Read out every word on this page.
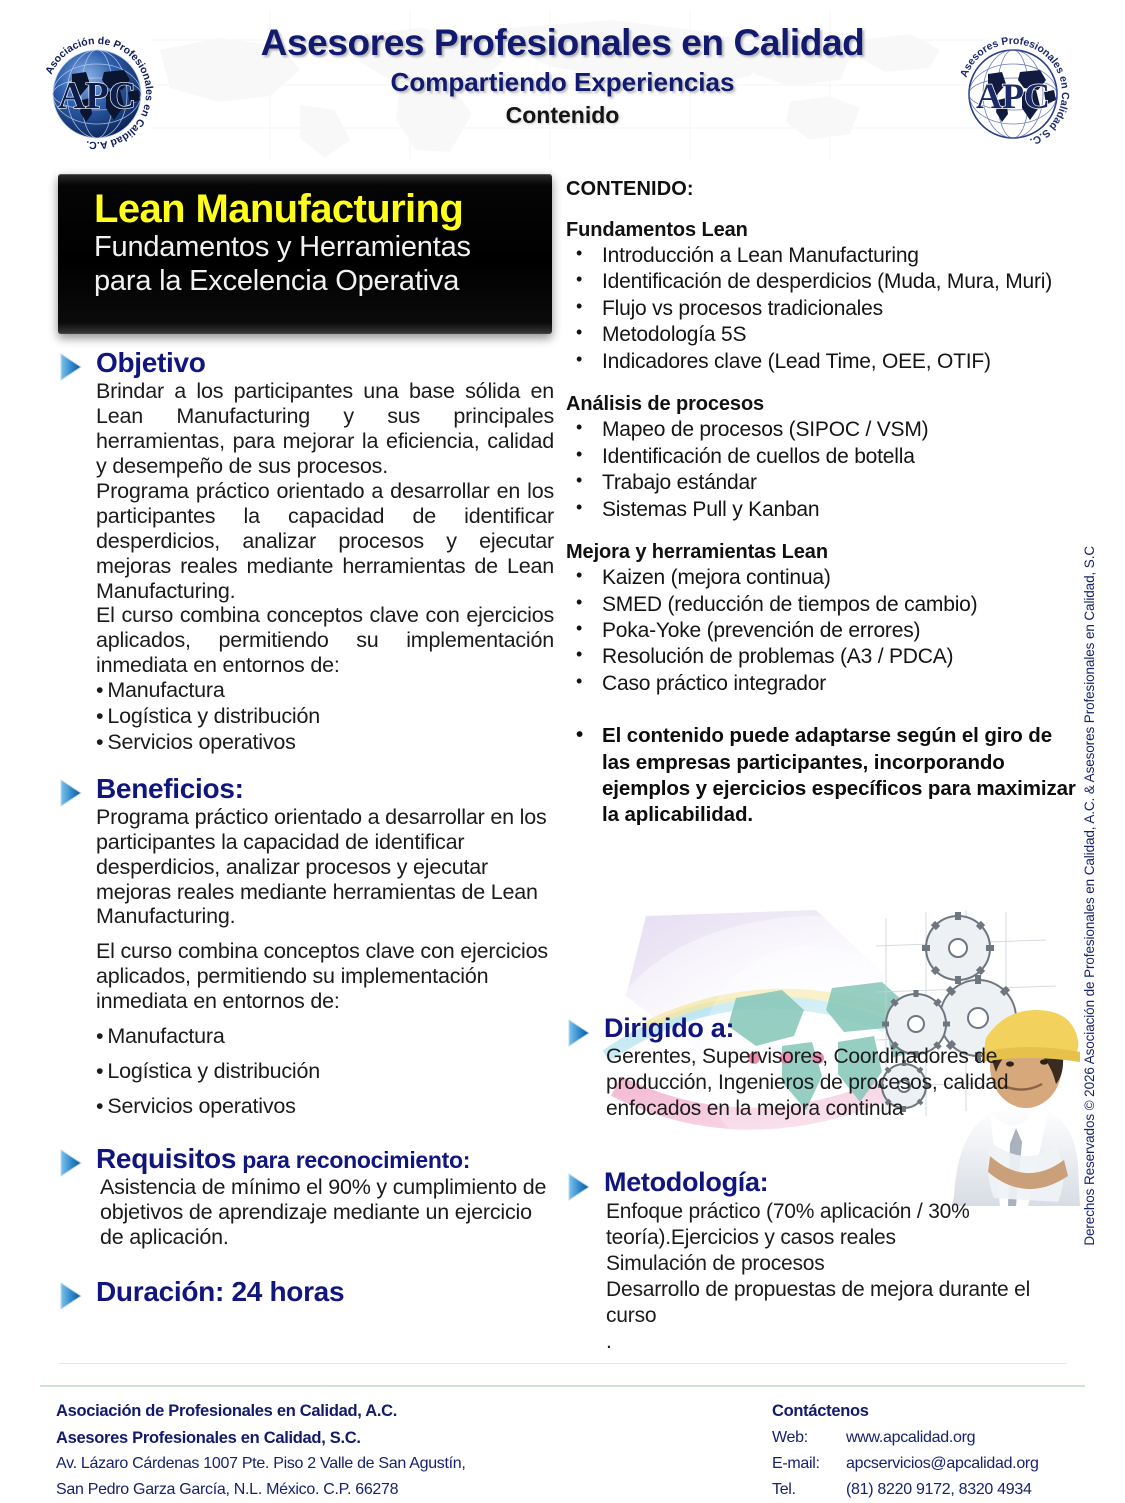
APC
Asociación de Profesionales en Calidad A.C.
APC
Asesores Profesionales en Calidad S.C.
Asesores Profesionales en Calidad
Compartiendo Experiencias
Contenido
Lean Manufacturing
Fundamentos y Herramientas
para la Excelencia Operativa
Objetivo
Brindar a los participantes una base sólida en Lean Manufacturing y sus principales herramientas, para mejorar la eficiencia, calidad y desempeño de sus procesos.
Programa práctico orientado a desarrollar en los participantes la capacidad de identificar desperdicios, analizar procesos y ejecutar mejoras reales mediante herramientas de Lean Manufacturing.
El curso combina conceptos clave con ejercicios aplicados, permitiendo su implementación inmediata en entornos de:
• Manufactura
• Logística y distribución
• Servicios operativos
Beneficios:
Programa práctico orientado a desarrollar en los participantes la capacidad de identificar desperdicios, analizar procesos y ejecutar mejoras reales mediante herramientas de Lean Manufacturing.
El curso combina conceptos clave con ejercicios aplicados, permitiendo su implementación inmediata en entornos de:
• Manufactura
• Logística y distribución
• Servicios operativos
Requisitos para reconocimiento:
Asistencia de mínimo el 90% y cumplimiento de objetivos de aprendizaje mediante un ejercicio de aplicación.
Duración: 24 horas
CONTENIDO:
Fundamentos Lean
• Introducción a Lean Manufacturing
• Identificación de desperdicios (Muda, Mura, Muri)
• Flujo vs procesos tradicionales
• Metodología 5S
• Indicadores clave (Lead Time, OEE, OTIF)
Análisis de procesos
• Mapeo de procesos (SIPOC / VSM)
• Identificación de cuellos de botella
• Trabajo estándar
• Sistemas Pull y Kanban
Mejora y herramientas Lean
• Kaizen (mejora continua)
• SMED (reducción de tiempos de cambio)
• Poka-Yoke (prevención de errores)
• Resolución de problemas (A3 / PDCA)
• Caso práctico integrador
• El contenido puede adaptarse según el giro de las empresas participantes, incorporando ejemplos y ejercicios específicos para maximizar la aplicabilidad.
Dirigido a:
Gerentes, Supervisores, Coordinadores de producción, Ingenieros de procesos, calidad enfocados en la mejora continua
Metodología:
Enfoque práctico (70% aplicación / 30% teoría).Ejercicios y casos reales
Simulación de procesos
Desarrollo de propuestas de mejora durante el curso
.
Derechos Reservados © 2026 Asociación de Profesionales en Calidad, A.C. & Asesores Profesionales en Calidad, S.C
Asociación de Profesionales en Calidad, A.C.
Asesores Profesionales en Calidad, S.C.
Av. Lázaro Cárdenas 1007 Pte. Piso 2 Valle de San Agustín,
San Pedro Garza García, N.L. México. C.P. 66278
Contáctenos
Web:	www.apcalidad.org
E-mail:	apcservicios@apcalidad.org
Tel.	(81) 8220 9172, 8320 4934
